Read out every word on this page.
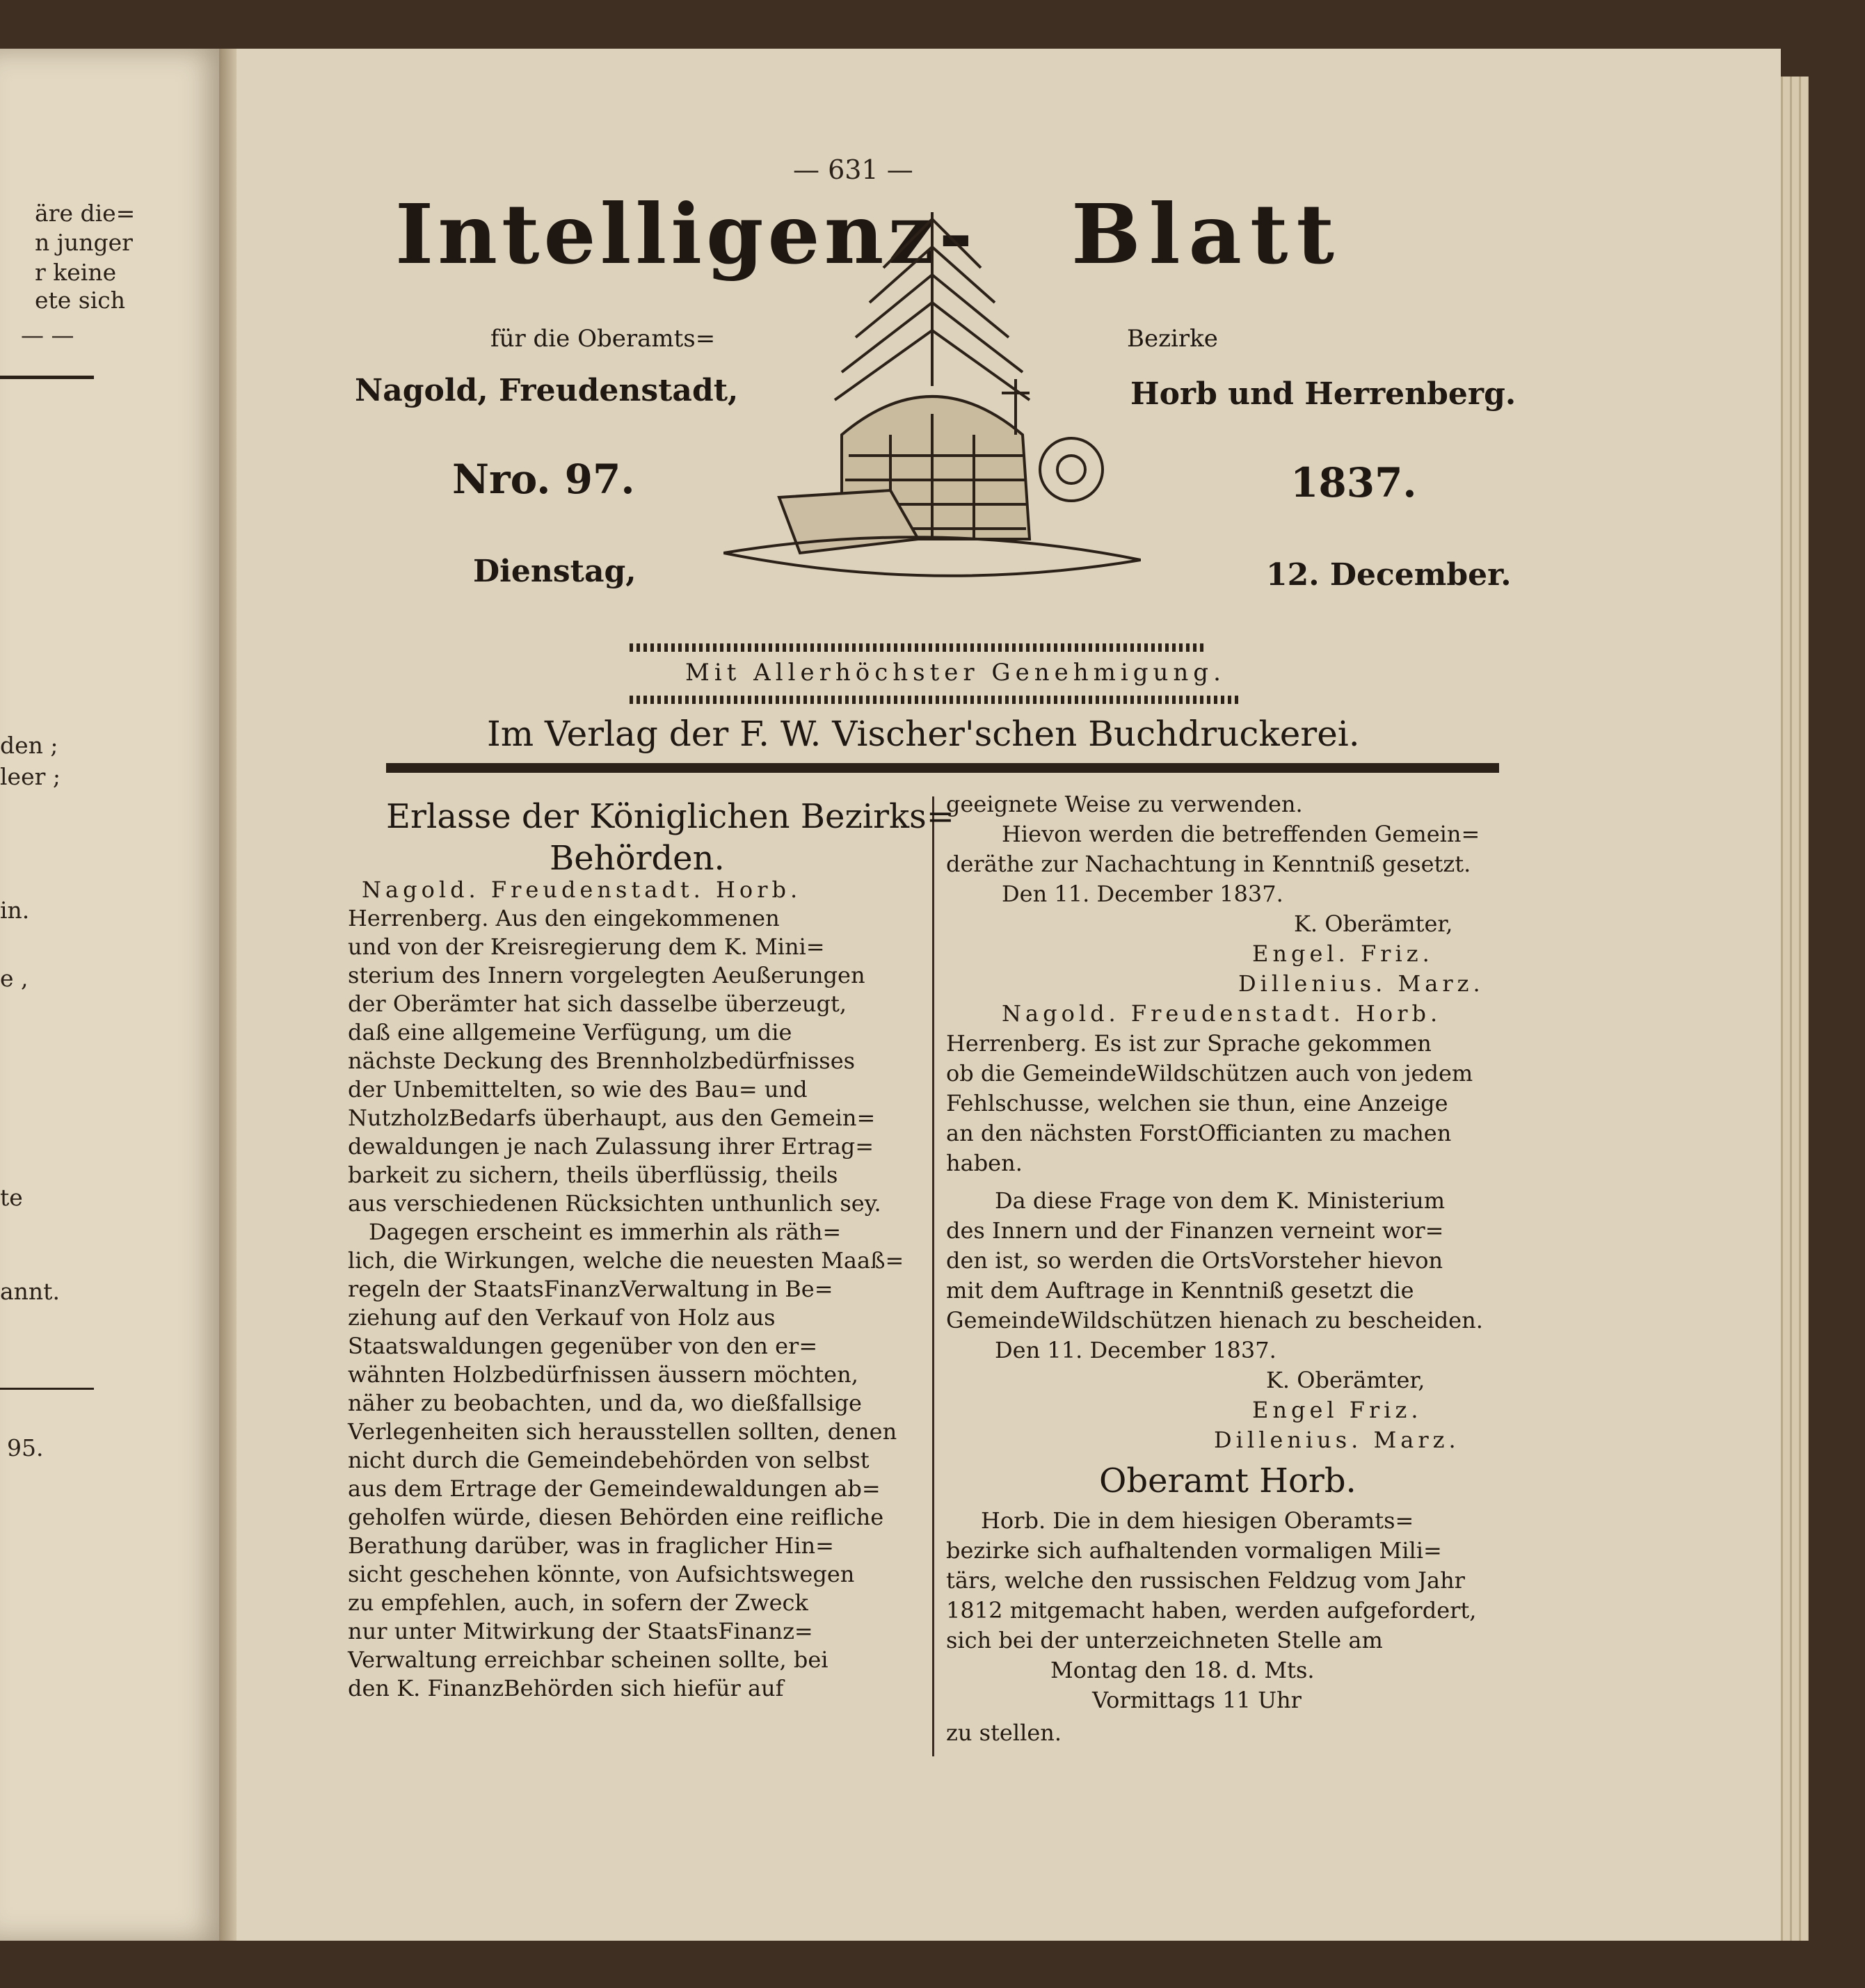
äre die=
n junger
r keine
ete sich
— —
den ;
leer ;
in.
e ,
te
annt.
95.
— 631 —
Intelligenz- Blatt
für die Oberamts=	Bezirke
Nagold, Freudenstadt,	Horb und Herrenberg.
Nro. 97.	1837.
Dienstag,	12. December.
Mit Allerhöchster Genehmigung.
Im Verlag der F. W. Vischer'schen Buchdruckerei.
Erlasse der Königlichen Bezirks=
Behörden.
Nagold. Freudenstadt. Horb.
Herrenberg. Aus den eingekommenen
und von der Kreisregierung dem K. Mini=
sterium des Innern vorgelegten Aeußerungen
der Oberämter hat sich dasselbe überzeugt,
daß eine allgemeine Verfügung, um die
nächste Deckung des Brennholzbedürfnisses
der Unbemittelten, so wie des Bau= und
NutzholzBedarfs überhaupt, aus den Gemein=
dewaldungen je nach Zulassung ihrer Ertrag=
barkeit zu sichern, theils überflüssig, theils
aus verschiedenen Rücksichten unthunlich sey.
Dagegen erscheint es immerhin als räth=
lich, die Wirkungen, welche die neuesten Maaß=
regeln der StaatsFinanzVerwaltung in Be=
ziehung auf den Verkauf von Holz aus
Staatswaldungen gegenüber von den er=
wähnten Holzbedürfnissen äussern möchten,
näher zu beobachten, und da, wo dießfallsige
Verlegenheiten sich herausstellen sollten, denen
nicht durch die Gemeindebehörden von selbst
aus dem Ertrage der Gemeindewaldungen ab=
geholfen würde, diesen Behörden eine reifliche
Berathung darüber, was in fraglicher Hin=
sicht geschehen könnte, von Aufsichtswegen
zu empfehlen, auch, in sofern der Zweck
nur unter Mitwirkung der StaatsFinanz=
Verwaltung erreichbar scheinen sollte, bei
den K. FinanzBehörden sich hiefür auf
geeignete Weise zu verwenden.
Hievon werden die betreffenden Gemein=
deräthe zur Nachachtung in Kenntniß gesetzt.
Den 11. December 1837.
K. Oberämter,
Engel. Friz.
Dillenius. Marz.
Nagold. Freudenstadt. Horb.
Herrenberg. Es ist zur Sprache gekommen
ob die GemeindeWildschützen auch von jedem
Fehlschusse, welchen sie thun, eine Anzeige
an den nächsten ForstOfficianten zu machen
haben.
Da diese Frage von dem K. Ministerium
des Innern und der Finanzen verneint wor=
den ist, so werden die OrtsVorsteher hievon
mit dem Auftrage in Kenntniß gesetzt die
GemeindeWildschützen hienach zu bescheiden.
Den 11. December 1837.
K. Oberämter,
Engel Friz.
Dillenius. Marz.
Oberamt Horb.
Horb. Die in dem hiesigen Oberamts=
bezirke sich aufhaltenden vormaligen Mili=
tärs, welche den russischen Feldzug vom Jahr
1812 mitgemacht haben, werden aufgefordert,
sich bei der unterzeichneten Stelle am
Montag den 18. d. Mts.
Vormittags 11 Uhr
zu stellen.
